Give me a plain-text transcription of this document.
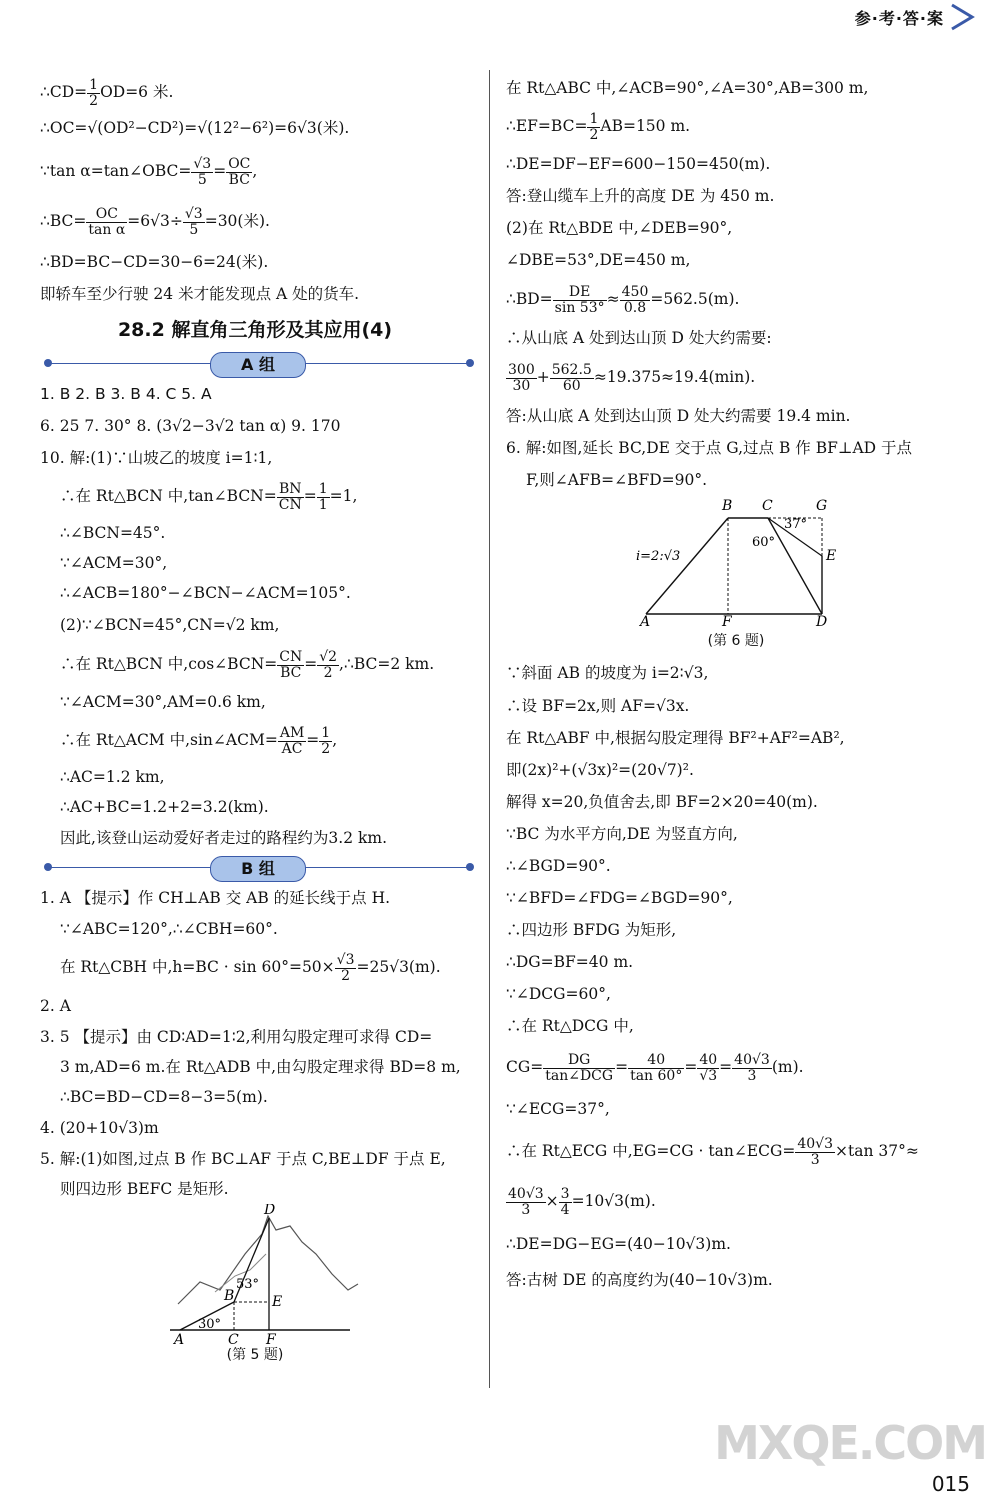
参·考·答·案
∴CD= $\frac{1}{2} OD=6$ 米.
∴OC=√(OD²−CD²)=√(12²−6²)=6√3(米).
∵tan α=tan∠OBC= $\frac{√3}{5} = \frac{OC}{BC}$ ,
∴BC= $\frac{OC}{\text{tan α}} =6√3\div \frac{√3}{5} =30$(米).
∴BD=BC−CD=30−6=24(米).
即轿车至少行驶 24 米才能发现点 A 处的货车.
28.2 解直角三角形及其应用(4)
A 组
1. B 2. B 3. B 4. C 5. A
6. 25 7. 30° 8. (3√2−3√2 tan α) 9. 170
10. 解:(1)∵山坡乙的坡度 i=1∶1,
∴在 Rt△BCN 中,tan∠BCN= $\frac{BN}{CN} = \frac{1}{1} =1$,
∴∠BCN=45°.
∵∠ACM=30°,
∴∠ACB=180°−∠BCN−∠ACM=105°.
(2)∵∠BCN=45°,CN=√2 km,
∴在 Rt△BCN 中,cos∠BCN= $\frac{CN}{BC} = \frac{√2}{2}$ ,∴BC=2 km.
∵∠ACM=30°,AM=0.6 km,
∴在 Rt△ACM 中,sin∠ACM= $\frac{AM}{AC} = \frac{1}{2}$ ,
∴AC=1.2 km,
∴AC+BC=1.2+2=3.2(km).
因此,该登山运动爱好者走过的路程约为3.2 km.
B 组
1. A 【提示】作 CH⊥AB 交 AB 的延长线于点 H.
∵∠ABC=120°,∴∠CBH=60°.
在 Rt△CBH 中$,h=BC \cdot \sin 60^\circ=50\times \frac{√3}{2} =25√3(m)$.
2. A
3. 5 【提示】由 CD∶AD=1∶2,利用勾股定理可求得 CD=
3 m,AD=6 m.在 Rt△ADB 中,由勾股定理求得 BD=8 m,
∴BC=BD−CD=8−3=5(m).
4. (20+10√3)m
5. 解:(1)如图,过点 B 作 BC⊥AF 于点 C,BE⊥DF 于点 E,
则四边形 BEFC 是矩形.
D
A	C F
B	E
53°
30°
(第 5 题)
在 Rt△ABC 中,∠ACB=90°,∠A=30°,AB=300 m,
∴EF=BC= $\frac{1}{2} AB=150$ m.
∴DE=DF−EF=600−150=450(m).
答:登山缆车上升的高度 DE 为 450 m.
(2)在 Rt△BDE 中,∠DEB=90°,
∠DBE=53°,DE=450 m,
∴BD= $\frac{DE}{\sin 53^\circ} \approx \frac{450}{0.8} =562.5(m)$.
∴从山底 A 处到达山顶 D 处大约需要:
$\frac{300}{30} + \frac{562.5}{60} \approx 19.375\approx 19.4(\min)$.
答:从山底 A 处到达山顶 D 处大约需要 19.4 min.
6. 解:如图,延长 BC,DE 交于点 G,过点 B 作 BF⊥AD 于点
F,则∠AFB=∠BFD=90°.
B C	G
E
A	F	D
60°
37°
i=2:√3
(第 6 题)
∵斜面 AB 的坡度为 i=2∶√3,
∴设 BF=2x,则 AF=√3x.
在 Rt△ABF 中,根据勾股定理得 BF²+AF²=AB²,
即(2x)²+(√3x)²=(20√7)².
解得 x=20,负值舍去,即 BF=2×20=40(m).
∵BC 为水平方向,DE 为竖直方向,
∴∠BGD=90°.
∵∠BFD=∠FDG=∠BGD=90°,
∴四边形 BFDG 为矩形,
∴DG=BF=40 m.
∵∠DCG=60°,
∴在 Rt△DCG 中,
$CG= \frac{DG}{\text{tan∠DCG}} = \frac{40}{\tan 60^\circ} = \frac{40}{√3} = \frac{40√3}{3} (m)$.
∵∠ECG=37°,
∴在 Rt△ECG 中,EG=CG · tan∠ECG= $\frac{40√3}{3} \times\tan$ 37°≈
$\frac{40√3}{3} \times \frac{3}{4} =10√3(m)$.
∴DE=DG−EG=(40−10√3)m.
答:古树 DE 的高度约为(40−10√3)m.
MXQE.COM
015
